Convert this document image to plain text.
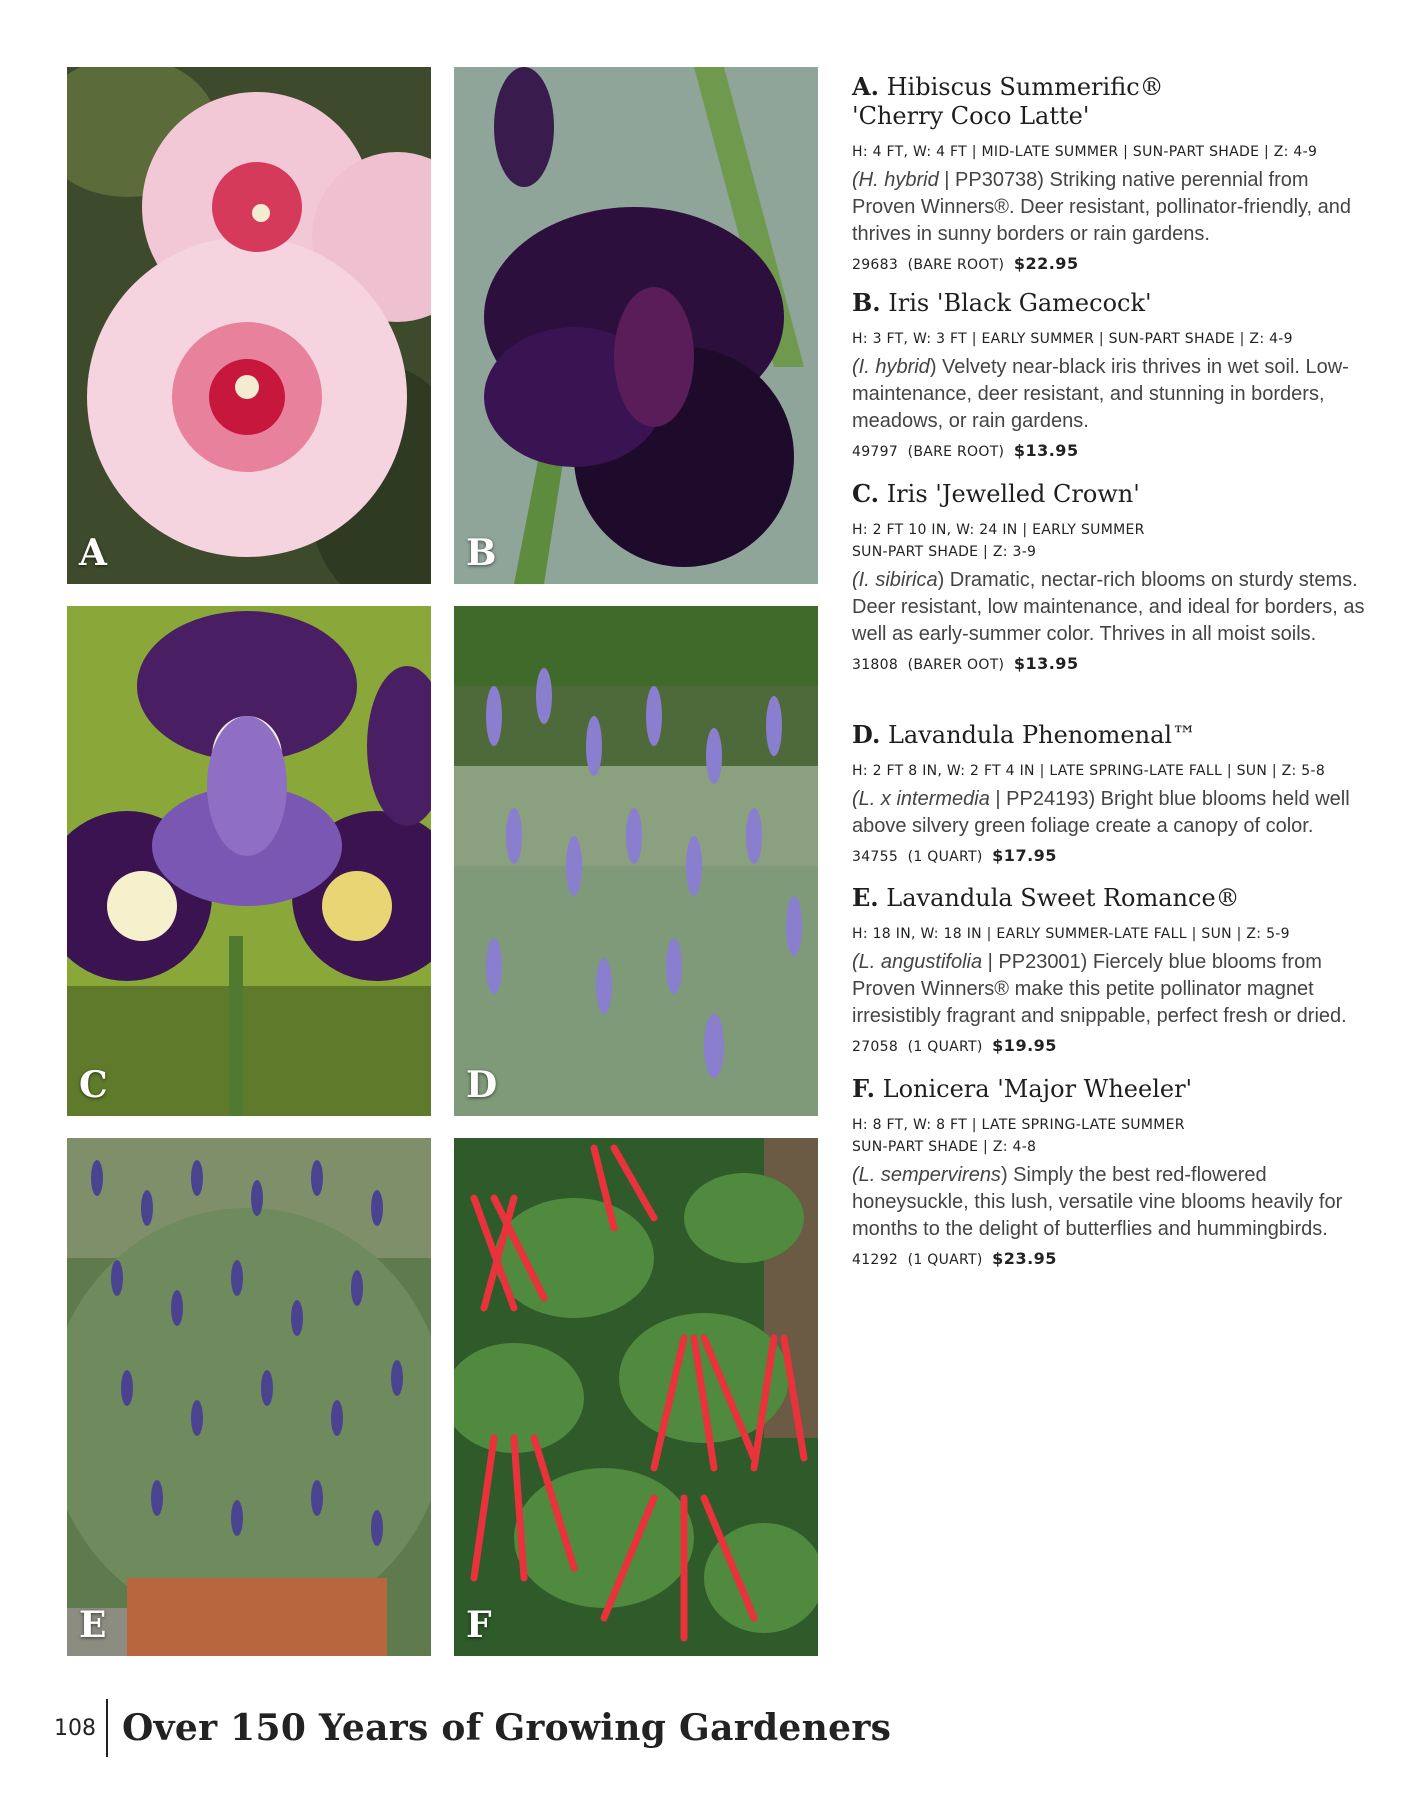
A	B
C	D
E	F
A. Hibiscus Summerific®
'Cherry Coco Latte'
H: 4 FT, W: 4 FT | MID-LATE SUMMER | SUN-PART SHADE | Z: 4-9
(H. hybrid | PP30738) Striking native perennial from Proven Winners®. Deer resistant, pollinator-friendly, and thrives in sunny borders or rain gardens.
29683 (BARE ROOT) $22.95
B. Iris 'Black Gamecock'
H: 3 FT, W: 3 FT | EARLY SUMMER | SUN-PART SHADE | Z: 4-9
(I. hybrid) Velvety near-black iris thrives in wet soil. Low-maintenance, deer resistant, and stunning in borders, meadows, or rain gardens.
49797 (BARE ROOT) $13.95
C. Iris 'Jewelled Crown'
H: 2 FT 10 IN, W: 24 IN | EARLY SUMMER
SUN-PART SHADE | Z: 3-9
(I. sibirica) Dramatic, nectar-rich blooms on sturdy stems. Deer resistant, low maintenance, and ideal for borders, as well as early-summer color. Thrives in all moist soils.
31808 (BARER OOT) $13.95
D. Lavandula Phenomenal™
H: 2 FT 8 IN, W: 2 FT 4 IN | LATE SPRING-LATE FALL | SUN | Z: 5-8
(L. x intermedia | PP24193) Bright blue blooms held well above silvery green foliage create a canopy of color.
34755 (1 QUART) $17.95
E. Lavandula Sweet Romance®
H: 18 IN, W: 18 IN | EARLY SUMMER-LATE FALL | SUN | Z: 5-9
(L. angustifolia | PP23001) Fiercely blue blooms from Proven Winners® make this petite pollinator magnet irresistibly fragrant and snippable, perfect fresh or dried.
27058 (1 QUART) $19.95
F. Lonicera 'Major Wheeler'
H: 8 FT, W: 8 FT | LATE SPRING-LATE SUMMER
SUN-PART SHADE | Z: 4-8
(L. sempervirens) Simply the best red-flowered honeysuckle, this lush, versatile vine blooms heavily for months to the delight of butterflies and hummingbirds.
41292 (1 QUART) $23.95
108 Over 150 Years of Growing Gardeners
